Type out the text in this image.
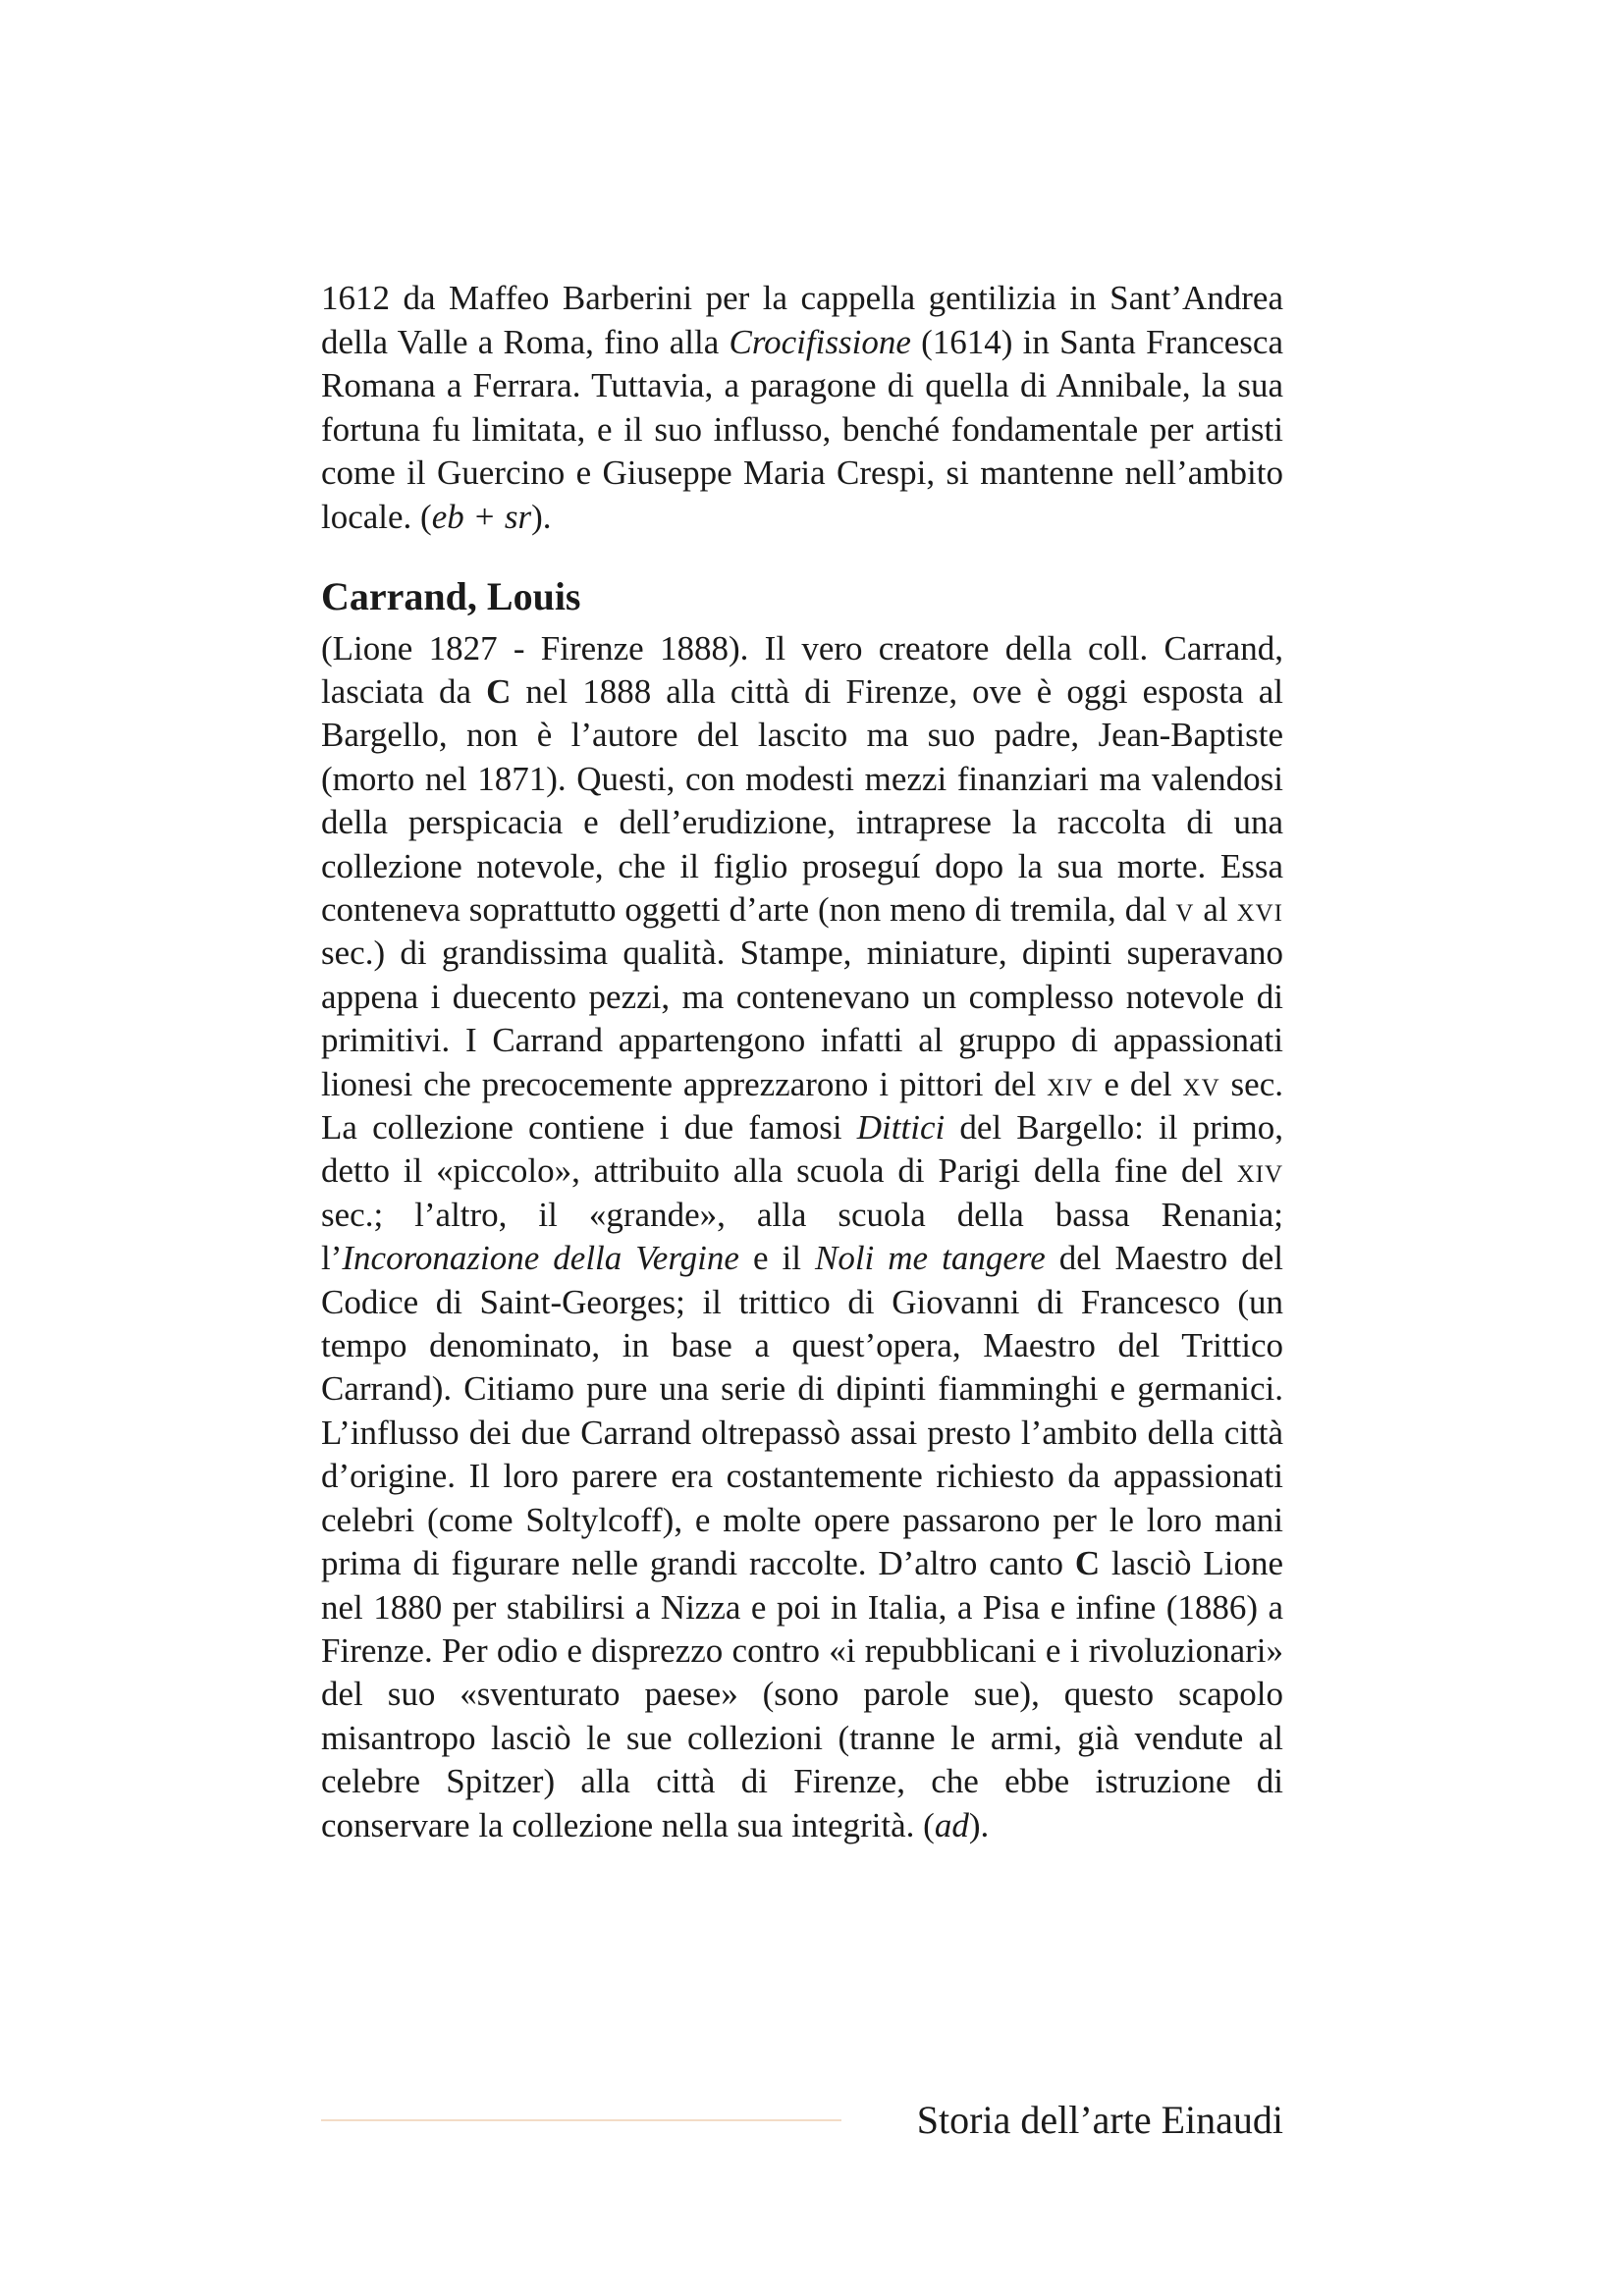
1612 da Maffeo Barberini per la cappella gentilizia in Sant’Andrea della Valle a Roma, fino alla Crocifissione (1614) in Santa Francesca Romana a Ferrara. Tuttavia, a paragone di quella di Annibale, la sua fortuna fu limitata, e il suo influsso, benché fondamentale per artisti come il Guercino e Giuseppe Maria Crespi, si mantenne nell’ambito locale. (eb + sr).

Carrand, Louis

(Lione 1827 - Firenze 1888). Il vero creatore della coll. Carrand, lasciata da C nel 1888 alla città di Firenze, ove è oggi esposta al Bargello, non è l’autore del lascito ma suo padre, Jean-Baptiste (morto nel 1871). Questi, con modesti mezzi finanziari ma valendosi della perspicacia e dell’erudizione, intraprese la raccolta di una collezione notevole, che il figlio proseguí dopo la sua morte. Essa conteneva soprattutto oggetti d’arte (non meno di tremila, dal v al xvi sec.) di grandissima qualità. Stampe, miniature, dipinti superavano appena i duecento pezzi, ma contenevano un complesso notevole di primitivi. I Carrand appartengono infatti al gruppo di appassionati lionesi che precocemente apprezzarono i pittori del xiv e del xv sec. La collezione contiene i due famosi Dittici del Bargello: il primo, detto il «piccolo», attribuito alla scuola di Parigi della fine del xiv sec.; l’altro, il «grande», alla scuola della bassa Renania; l’Incoronazione della Vergine e il Noli me tangere del Maestro del Codice di Saint-Georges; il trittico di Giovanni di Francesco (un tempo denominato, in base a quest’opera, Maestro del Trittico Carrand). Citiamo pure una serie di dipinti fiamminghi e germanici. L’influsso dei due Carrand oltrepassò assai presto l’ambito della città d’origine. Il loro parere era costantemente richiesto da appassionati celebri (come Soltylcoff), e molte opere passarono per le loro mani prima di figurare nelle grandi raccolte. D’altro canto C lasciò Lione nel 1880 per stabilirsi a Nizza e poi in Italia, a Pisa e infine (1886) a Firenze. Per odio e disprezzo contro «i repubblicani e i rivoluzionari» del suo «sventurato paese» (sono parole sue), questo scapolo misantropo lasciò le sue collezioni (tranne le armi, già vendute al celebre Spitzer) alla città di Firenze, che ebbe istruzione di conservare la collezione nella sua integrità. (ad).

Storia dell’arte Einaudi
